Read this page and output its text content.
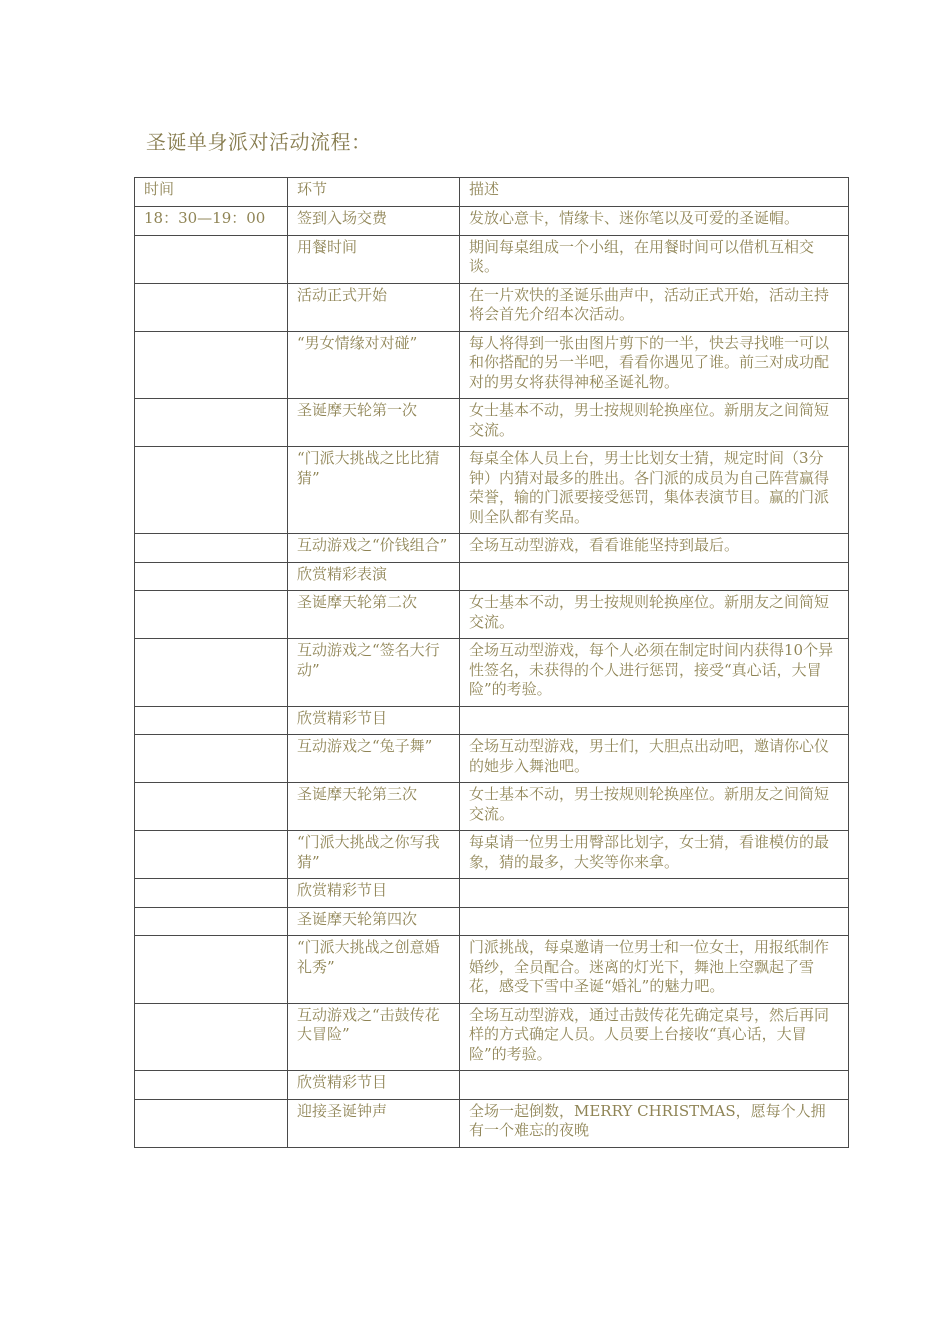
圣诞单身派对活动流程：
时间	环节	描述
18：30—19：00	签到入场交费	发放心意卡，情缘卡、迷你笔以及可爱的圣诞帽。
	用餐时间	期间每桌组成一个小组，在用餐时间可以借机互相交谈。
	活动正式开始	在一片欢快的圣诞乐曲声中，活动正式开始，活动主持将会首先介绍本次活动。
	“男女情缘对对碰”	每人将得到一张由图片剪下的一半，快去寻找唯一可以和你搭配的另一半吧，看看你遇见了谁。前三对成功配对的男女将获得神秘圣诞礼物。
	圣诞摩天轮第一次	女士基本不动，男士按规则轮换座位。新朋友之间简短交流。
	“门派大挑战之比比猜猜”	每桌全体人员上台，男士比划女士猜，规定时间（3分钟）内猜对最多的胜出。各门派的成员为自己阵营赢得荣誉，输的门派要接受惩罚，集体表演节目。赢的门派则全队都有奖品。
	互动游戏之“价钱组合”	全场互动型游戏，看看谁能坚持到最后。
	欣赏精彩表演	
	圣诞摩天轮第二次	女士基本不动，男士按规则轮换座位。新朋友之间简短交流。
	互动游戏之“签名大行动”	全场互动型游戏，每个人必须在制定时间内获得10个异性签名，未获得的个人进行惩罚，接受“真心话，大冒险”的考验。
	欣赏精彩节目	
	互动游戏之“兔子舞”	全场互动型游戏，男士们，大胆点出动吧，邀请你心仪的她步入舞池吧。
	圣诞摩天轮第三次	女士基本不动，男士按规则轮换座位。新朋友之间简短交流。
	“门派大挑战之你写我猜”	每桌请一位男士用臀部比划字，女士猜，看谁模仿的最象，猜的最多，大奖等你来拿。
	欣赏精彩节目	
	圣诞摩天轮第四次	
	“门派大挑战之创意婚礼秀”	门派挑战，每桌邀请一位男士和一位女士，用报纸制作婚纱，全员配合。迷离的灯光下，舞池上空飘起了雪花，感受下雪中圣诞“婚礼”的魅力吧。
	互动游戏之“击鼓传花大冒险”	全场互动型游戏，通过击鼓传花先确定桌号，然后再同样的方式确定人员。人员要上台接收“真心话，大冒险”的考验。
	欣赏精彩节目	
	迎接圣诞钟声	全场一起倒数，MERRY CHRISTMAS，愿每个人拥有一个难忘的夜晚
